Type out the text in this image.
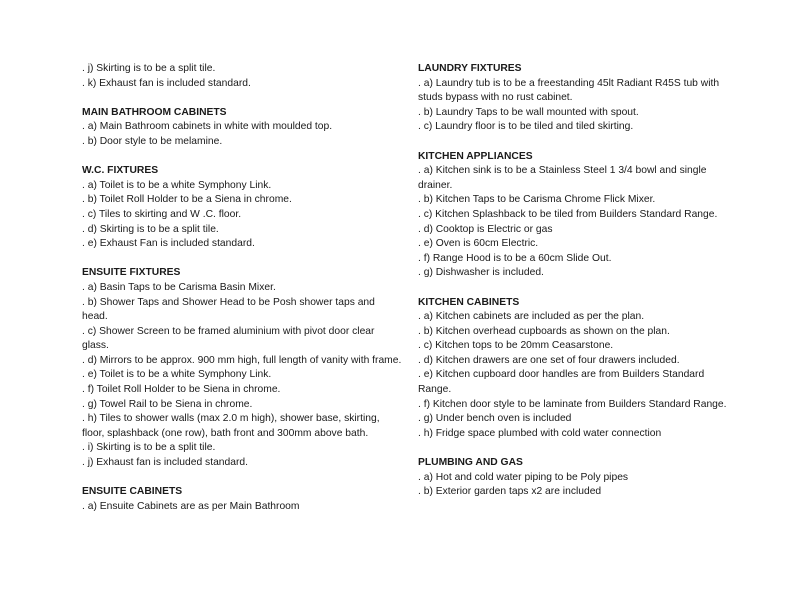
. j) Skirting is to be a split tile.
. k) Exhaust fan is included standard.
MAIN BATHROOM CABINETS
. a) Main Bathroom cabinets in white with moulded top.
. b) Door style to be melamine.
W.C. FIXTURES
. a) Toilet is to be a white Symphony Link.
. b) Toilet Roll Holder to be a Siena in chrome.
. c) Tiles to skirting and W .C. floor.
. d) Skirting is to be a split tile.
. e) Exhaust Fan is included standard.
ENSUITE FIXTURES
. a) Basin Taps to be Carisma Basin Mixer.
. b) Shower Taps and Shower Head to be Posh shower taps and head.
. c) Shower Screen to be framed aluminium with pivot door clear glass.
. d) Mirrors to be approx. 900 mm high, full length of vanity with frame.
. e) Toilet is to be a white Symphony Link.
. f) Toilet Roll Holder to be Siena in chrome.
. g) Towel Rail to be Siena in chrome.
. h) Tiles to shower walls (max 2.0 m high), shower base, skirting, floor, splashback (one row), bath front and 300mm above bath.
. i) Skirting is to be a split tile.
. j) Exhaust fan is included standard.
ENSUITE CABINETS
. a) Ensuite Cabinets are as per Main Bathroom
LAUNDRY FIXTURES
. a) Laundry tub is to be a freestanding 45lt Radiant R45S tub with studs bypass with no rust cabinet.
. b) Laundry Taps to be wall mounted with spout.
. c) Laundry floor is to be tiled and tiled skirting.
KITCHEN APPLIANCES
. a) Kitchen sink is to be a Stainless Steel 1 3/4 bowl and single drainer.
. b) Kitchen Taps to be Carisma Chrome Flick Mixer.
. c) Kitchen Splashback to be tiled from Builders Standard Range.
. d) Cooktop is Electric or gas
. e) Oven is 60cm Electric.
. f) Range Hood is to be a 60cm Slide Out.
. g) Dishwasher is included.
KITCHEN CABINETS
. a) Kitchen cabinets are included as per the plan.
. b) Kitchen overhead cupboards as shown on the plan.
. c) Kitchen tops to be 20mm Ceasarstone.
. d) Kitchen drawers are one set of four drawers included.
. e) Kitchen cupboard door handles are from Builders Standard Range.
. f) Kitchen door style to be laminate from Builders Standard Range.
. g) Under bench oven is included
. h) Fridge space plumbed with cold water connection
PLUMBING AND GAS
. a) Hot and cold water piping to be Poly pipes
. b) Exterior garden taps x2 are included
